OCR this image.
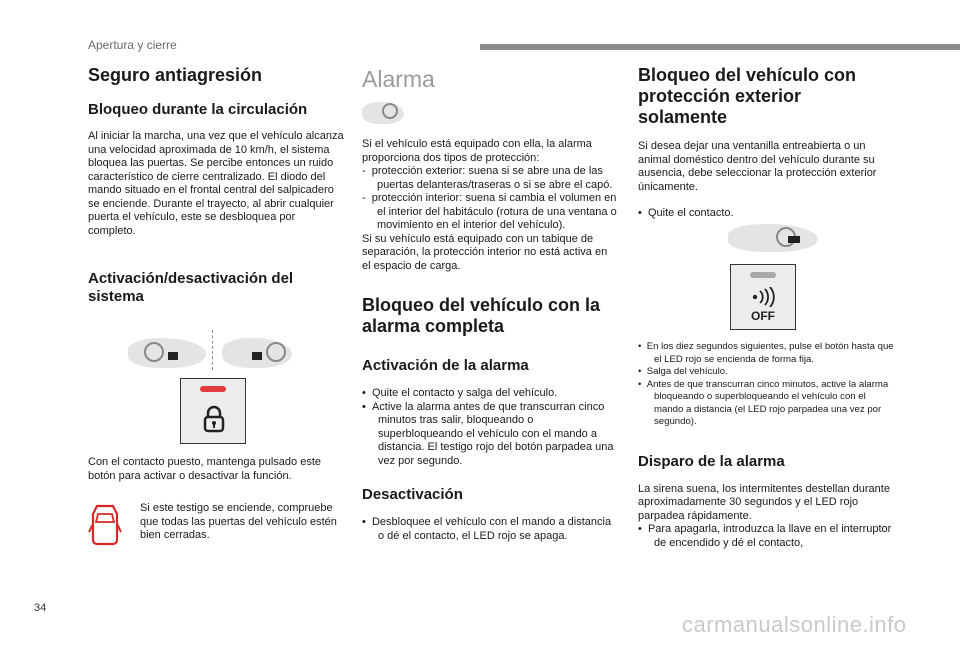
Apertura y cierre
34
carmanualsonline.info
Seguro antiagresión
Bloqueo durante la circulación

Al iniciar la marcha, una vez que el vehículo alcanza una velocidad aproximada de 10 km/h, el sistema bloquea las puertas. Se percibe entonces un ruido característico de cierre centralizado. El diodo del mando situado en el frontal central del salpicadero se enciende. Durante el trayecto, al abrir cualquier puerta el vehículo, este se desbloquea por completo.

Activación/desactivación del sistema

Con el contacto puesto, mantenga pulsado este botón para activar o desactivar la función.

Si este testigo se enciende, compruebe que todas las puertas del vehículo estén bien cerradas.

Alarma

Si el vehículo está equipado con ella, la alarma proporciona dos tipos de protección:

-  protección exterior: suena si se abre una de las puertas delanteras/traseras o si se abre el capó.

-  protección interior: suena si cambia el volumen en el interior del habitáculo (rotura de una ventana o movimiento en el interior del vehículo).

Si su vehículo está equipado con un tabique de separación, la protección interior no está activa en el espacio de carga.

Bloqueo del vehículo con la alarma completa
Activación de la alarma

•  Quite el contacto y salga del vehículo.

•  Active la alarma antes de que transcurran cinco minutos tras salir, bloqueando o superbloqueando el vehículo con el mando a distancia. El testigo rojo del botón parpadea una vez por segundo.

Desactivación

•  Desbloquee el vehículo con el mando a distancia o dé el contacto, el LED rojo se apaga.

Bloqueo del vehículo con protección exterior solamente

Si desea dejar una ventanilla entreabierta o un animal doméstico dentro del vehículo durante su ausencia, debe seleccionar la protección exterior únicamente.

•  Quite el contacto.

OFF

•  En los diez segundos siguientes, pulse el botón hasta que el LED rojo se encienda de forma fija.

•  Salga del vehículo.

•  Antes de que transcurran cinco minutos, active la alarma bloqueando o superbloqueando el vehículo con el mando a distancia (el LED rojo parpadea una vez por segundo).

Disparo de la alarma

La sirena suena, los intermitentes destellan durante aproximadamente 30 segundos y el LED rojo parpadea rápidamente.

•  Para apagarla, introduzca la llave en el interruptor de encendido y dé el contacto,
